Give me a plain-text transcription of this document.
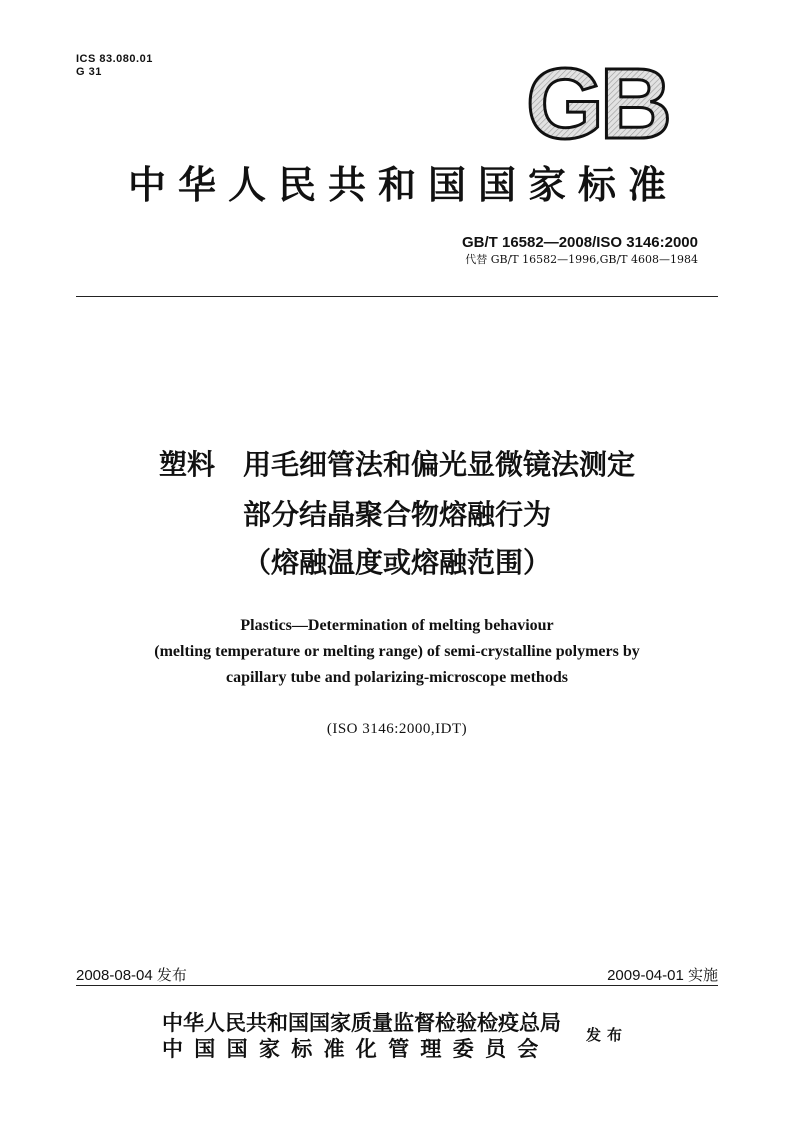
ICS 83.080.01
G 31	GB
中华人民共和国国家标准
GB/T 16582—2008/ISO 3146:2000
代替 GB/T 16582—1996,GB/T 4608—1984
塑料　用毛细管法和偏光显微镜法测定
部分结晶聚合物熔融行为
（熔融温度或熔融范围）
Plastics—Determination of melting behaviour
(melting temperature or melting range) of semi-crystalline polymers by
capillary tube and polarizing-microscope methods
(ISO 3146:2000,IDT)
2008-08-04 发布	2009-04-01 实施
中华人民共和国国家质量监督检验检疫总局
中国国家标准化管理委员会
发布
